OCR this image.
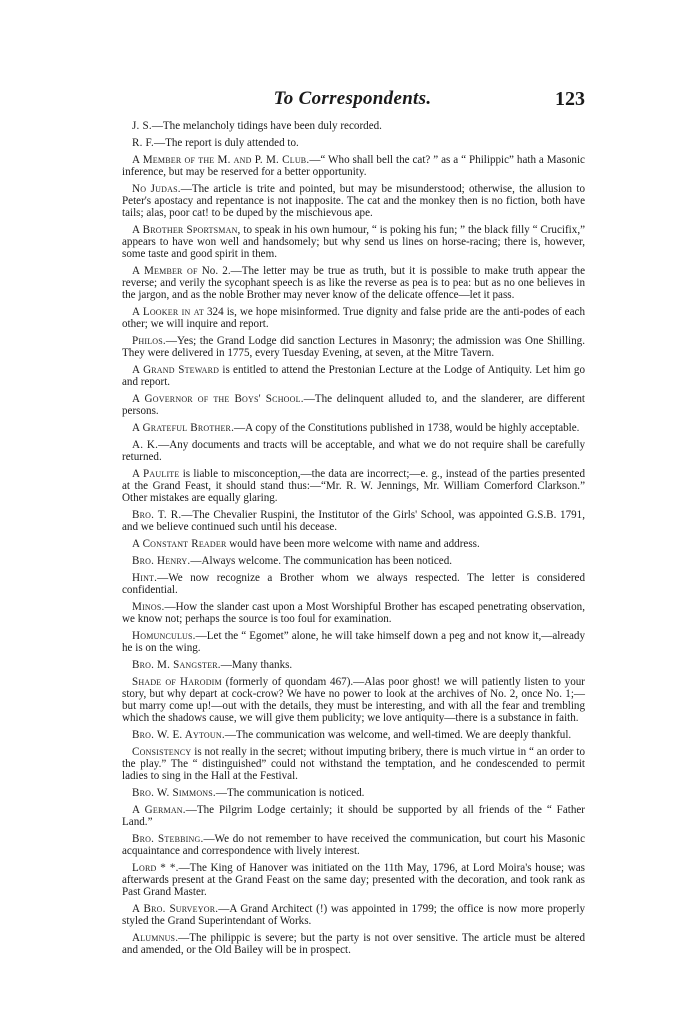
To Correspondents.	123

J. S.—The melancholy tidings have been duly recorded.

R. F.—The report is duly attended to.

A Member of the M. and P. M. Club.—“ Who shall bell the cat? ” as a “ Philippic” hath a Masonic inference, but may be reserved for a better opportunity.

No Judas.—The article is trite and pointed, but may be misunderstood; otherwise, the allusion to Peter's apostacy and repentance is not inapposite. The cat and the monkey then is no fiction, both have tails; alas, poor cat! to be duped by the mischievous ape.

A Brother Sportsman, to speak in his own humour, “ is poking his fun; ” the black filly “ Crucifix,” appears to have won well and handsomely; but why send us lines on horse-racing; there is, however, some taste and good spirit in them.

A Member of No. 2.—The letter may be true as truth, but it is possible to make truth appear the reverse; and verily the sycophant speech is as like the reverse as pea is to pea: but as no one believes in the jargon, and as the noble Brother may never know of the delicate offence—let it pass.

A Looker in at 324 is, we hope misinformed. True dignity and false pride are the anti-podes of each other; we will inquire and report.

Philos.—Yes; the Grand Lodge did sanction Lectures in Masonry; the admission was One Shilling. They were delivered in 1775, every Tuesday Evening, at seven, at the Mitre Tavern.

A Grand Steward is entitled to attend the Prestonian Lecture at the Lodge of Antiquity. Let him go and report.

A Governor of the Boys' School.—The delinquent alluded to, and the slanderer, are different persons.

A Grateful Brother.—A copy of the Constitutions published in 1738, would be highly acceptable.

A. K.—Any documents and tracts will be acceptable, and what we do not require shall be carefully returned.

A Paulite is liable to misconception,—the data are incorrect;—e. g., instead of the parties presented at the Grand Feast, it should stand thus:—“Mr. R. W. Jennings, Mr. William Comerford Clarkson.” Other mistakes are equally glaring.

Bro. T. R.—The Chevalier Ruspini, the Institutor of the Girls' School, was appointed G.S.B. 1791, and we believe continued such until his decease.

A Constant Reader would have been more welcome with name and address.

Bro. Henry.—Always welcome. The communication has been noticed.

Hint.—We now recognize a Brother whom we always respected. The letter is considered confidential.

Minos.—How the slander cast upon a Most Worshipful Brother has escaped penetrating observation, we know not; perhaps the source is too foul for examination.

Homunculus.—Let the “ Egomet” alone, he will take himself down a peg and not know it,—already he is on the wing.

Bro. M. Sangster.—Many thanks.

Shade of Harodim (formerly of quondam 467).—Alas poor ghost! we will patiently listen to your story, but why depart at cock-crow? We have no power to look at the archives of No. 2, once No. 1;—but marry come up!—out with the details, they must be interesting, and with all the fear and trembling which the shadows cause, we will give them publicity; we love antiquity—there is a substance in faith.

Bro. W. E. Aytoun.—The communication was welcome, and well-timed. We are deeply thankful.

Consistency is not really in the secret; without imputing bribery, there is much virtue in “ an order to the play.” The “ distinguished” could not withstand the temptation, and he condescended to permit ladies to sing in the Hall at the Festival.

Bro. W. Simmons.—The communication is noticed.

A German.—The Pilgrim Lodge certainly; it should be supported by all friends of the “ Father Land.”

Bro. Stebbing.—We do not remember to have received the communication, but court his Masonic acquaintance and correspondence with lively interest.

Lord * *.—The King of Hanover was initiated on the 11th May, 1796, at Lord Moira's house; was afterwards present at the Grand Feast on the same day; presented with the decoration, and took rank as Past Grand Master.

A Bro. Surveyor.—A Grand Architect (!) was appointed in 1799; the office is now more properly styled the Grand Superintendant of Works.

Alumnus.—The philippic is severe; but the party is not over sensitive. The article must be altered and amended, or the Old Bailey will be in prospect.
